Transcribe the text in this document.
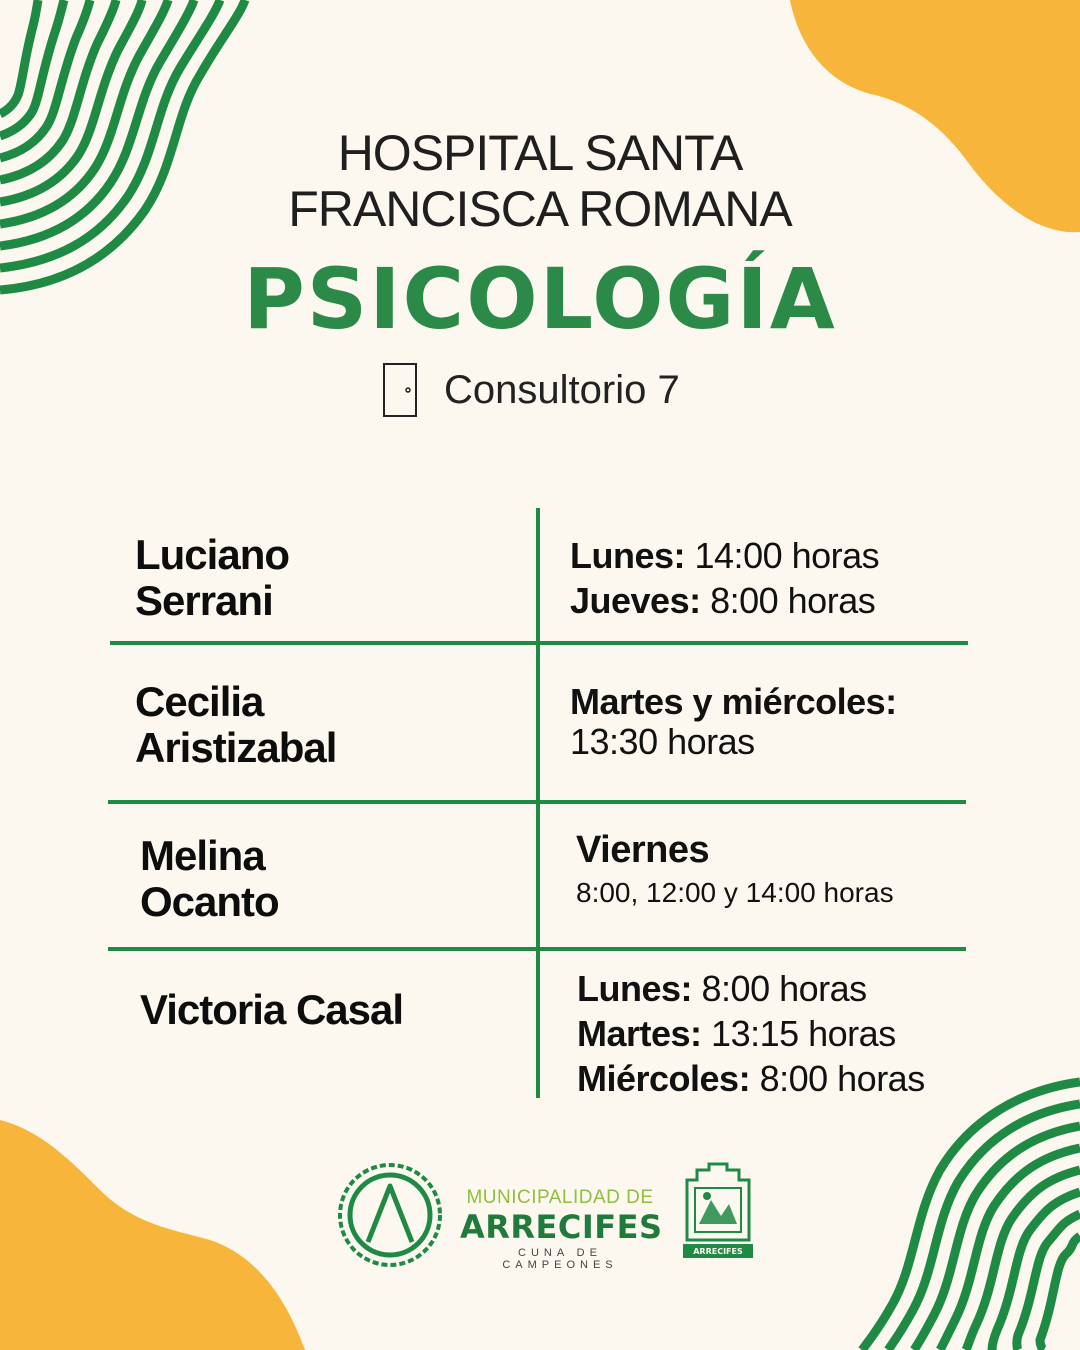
HOSPITAL SANTA
FRANCISCA ROMANA
PSICOLOGÍA
Consultorio 7
Luciano
Serrani
Lunes: 14:00 horas
Jueves: 8:00 horas
Cecilia
Aristizabal
Martes y miércoles:
13:30 horas
Melina
Ocanto
Viernes
8:00, 12:00 y 14:00 horas
Victoria Casal	Lunes: 8:00 horas
Martes: 13:15 horas
Miércoles: 8:00 horas
MUNICIPALIDAD DE
ARRECIFES
CUNA DE CAMPEONES
ARRECIFES
